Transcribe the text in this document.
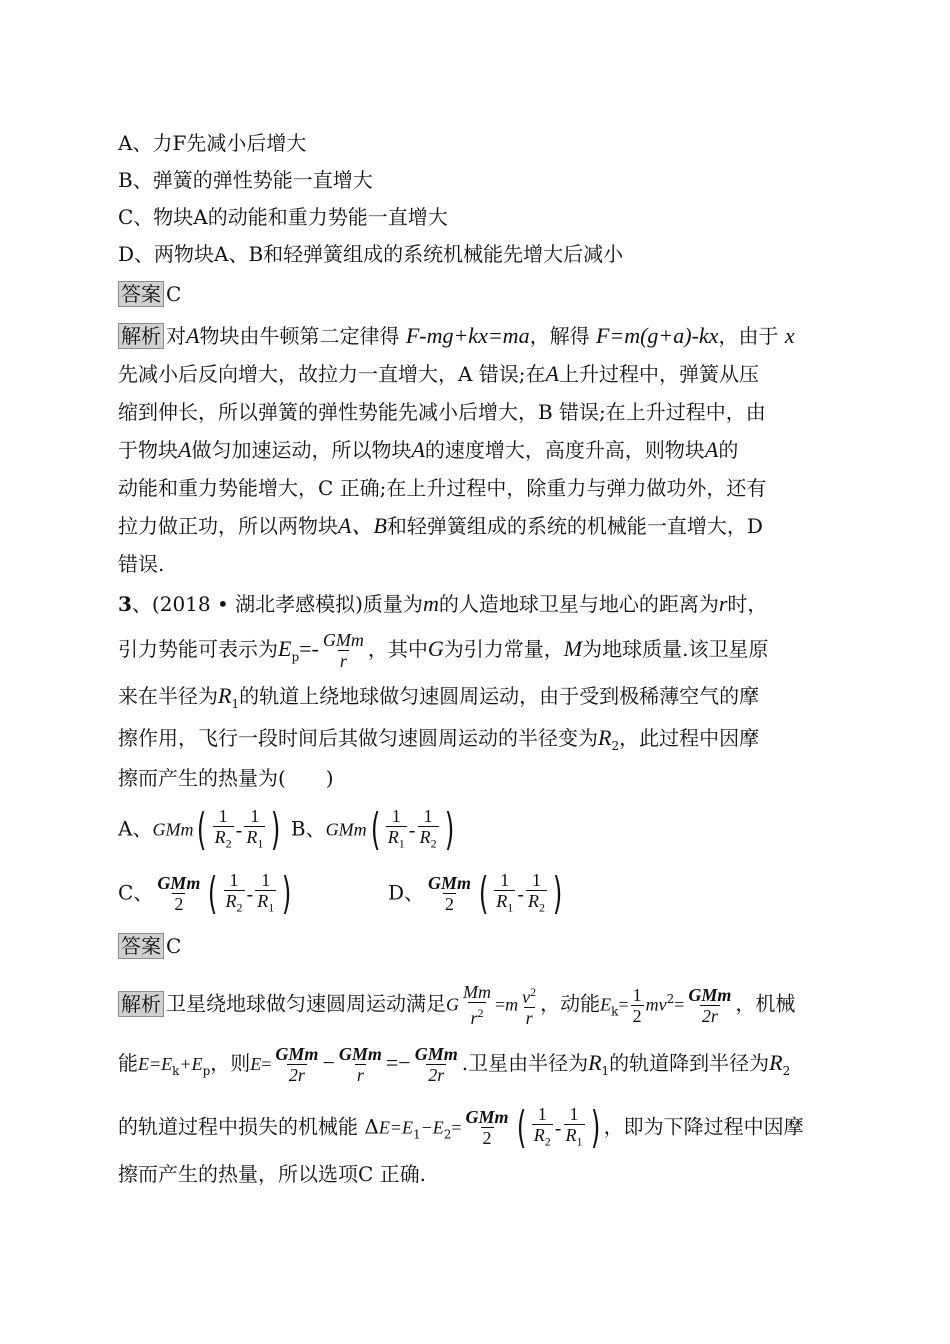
A、力F先减小后增大
B、弹簧的弹性势能一直增大
C、物块A的动能和重力势能一直增大
D、两物块A、B和轻弹簧组成的系统机械能先增大后减小
答案 C
解析 对A物块由牛顿第二定律得 F-mg+kx=ma，解得 F=m(g+a)-kx，由于 x
先减小后反向增大，故拉力一直增大，A 错误;在A上升过程中，弹簧从压
缩到伸长，所以弹簧的弹性势能先减小后增大，B 错误;在上升过程中，由
于物块A做匀加速运动，所以物块A的速度增大，高度升高，则物块A的
动能和重力势能增大，C 正确;在上升过程中，除重力与弹力做功外，还有
拉力做正功，所以两物块A、B和轻弹簧组成的系统的机械能一直增大，D
错误.
3、(2018 • 湖北孝感模拟)质量为m的人造地球卫星与地心的距离为r时，
引力势能可表示为$E_p=- \frac{\text{GMm}}{r}$ ，其中G为引力常量，M为地球质量.该卫星原
来在半径为$R_1$的轨道上绕地球做匀速圆周运动，由于受到极稀薄空气的摩
擦作用，飞行一段时间后其做匀速圆周运动的半径变为$R_2$，此过程中因摩
擦而产生的热量为(　　)
A、GMm ( $\frac{1}{R_2} - \frac{1}{R_1}$ ) B、GMm ( $\frac{1}{R_1} - \frac{1}{R_2}$ )
C、 $\frac{\text{GMm}}{2}$ ( $\frac{1}{R_2} - \frac{1}{R_1}$ )	D、 $\frac{\text{GMm}}{2}$ ( $\frac{1}{R_1} - \frac{1}{R_2}$ )
答案 C
解析 卫星绕地球做匀速圆周运动满足G $\frac{Mm}{r^2} =m \frac{v^2}{r}$ ，动能$E_k= \frac{1}{2} mv^2= \frac{\text{GMm}}{2r}$ ，机械
能$E=E_k+E_p$，则$E= \frac{\text{GMm}}{2r} - \frac{\text{GMm}}{r} =- \frac{\text{GMm}}{2r}$ .卫星由半径为$R_1$的轨道降到半径为$R_2$
的轨道过程中损失的机械能 $\Delta E=E_1-E_2= \frac{\text{GMm}}{2}$ ( $\frac{1}{R_2} - \frac{1}{R_1}$ ) ，即为下降过程中因摩
擦而产生的热量，所以选项C 正确.
